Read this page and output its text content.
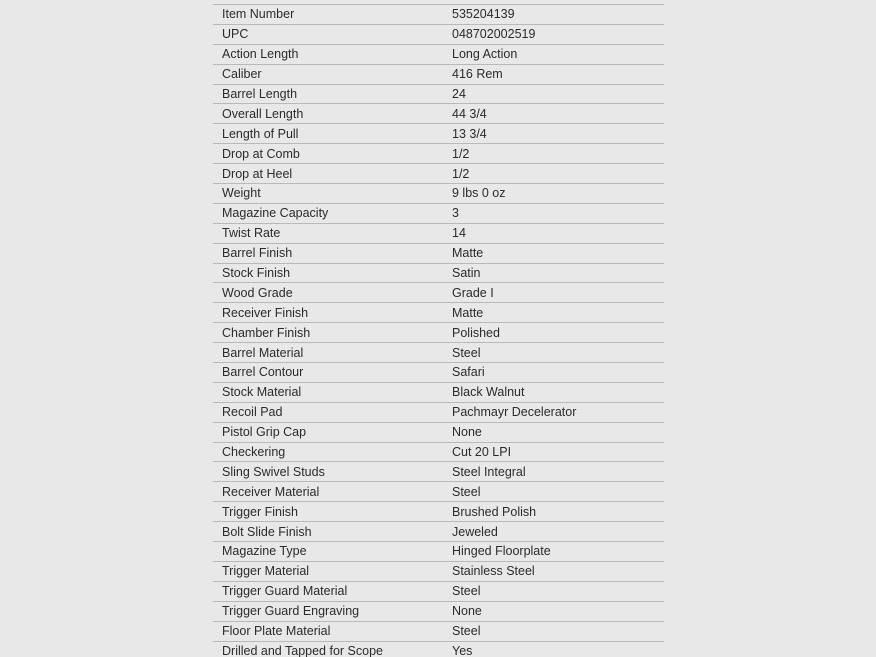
Item Number	535204139
UPC	048702002519
Action Length	Long Action
Caliber	416 Rem
Barrel Length	24
Overall Length	44 3/4
Length of Pull	13 3/4
Drop at Comb	1/2
Drop at Heel	1/2
Weight	9 lbs 0 oz
Magazine Capacity	3
Twist Rate	14
Barrel Finish	Matte
Stock Finish	Satin
Wood Grade	Grade I
Receiver Finish	Matte
Chamber Finish	Polished
Barrel Material	Steel
Barrel Contour	Safari
Stock Material	Black Walnut
Recoil Pad	Pachmayr Decelerator
Pistol Grip Cap	None
Checkering	Cut 20 LPI
Sling Swivel Studs	Steel Integral
Receiver Material	Steel
Trigger Finish	Brushed Polish
Bolt Slide Finish	Jeweled
Magazine Type	Hinged Floorplate
Trigger Material	Stainless Steel
Trigger Guard Material	Steel
Trigger Guard Engraving	None
Floor Plate Material	Steel
Drilled and Tapped for Scope	Yes
